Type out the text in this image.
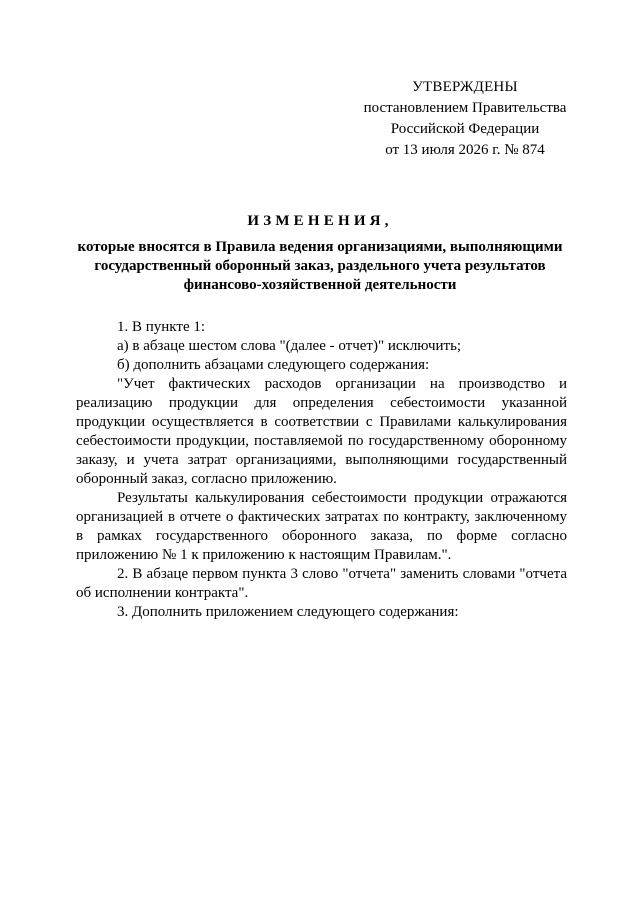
УТВЕРЖДЕНЫ
постановлением Правительства
Российской Федерации
от 13 июля 2026 г. № 874
ИЗМЕНЕНИЯ,
которые вносятся в Правила ведения организациями, выполняющими
государственный оборонный заказ, раздельного учета результатов
финансово-хозяйственной деятельности

1. В пункте 1:

а) в абзаце шестом слова "(далее - отчет)" исключить;

б) дополнить абзацами следующего содержания:

"Учет фактических расходов организации на производство и реализацию продукции для определения себестоимости указанной продукции осуществляется в соответствии с Правилами калькулирования себестоимости продукции, поставляемой по государственному оборонному заказу, и учета затрат организациями, выполняющими государственный оборонный заказ, согласно приложению.

Результаты калькулирования себестоимости продукции отражаются организацией в отчете о фактических затратах по контракту, заключенному в рамках государственного оборонного заказа, по форме согласно приложению № 1 к приложению к настоящим Правилам.".

2. В абзаце первом пункта 3 слово "отчета" заменить словами "отчета об исполнении контракта".

3. Дополнить приложением следующего содержания:
